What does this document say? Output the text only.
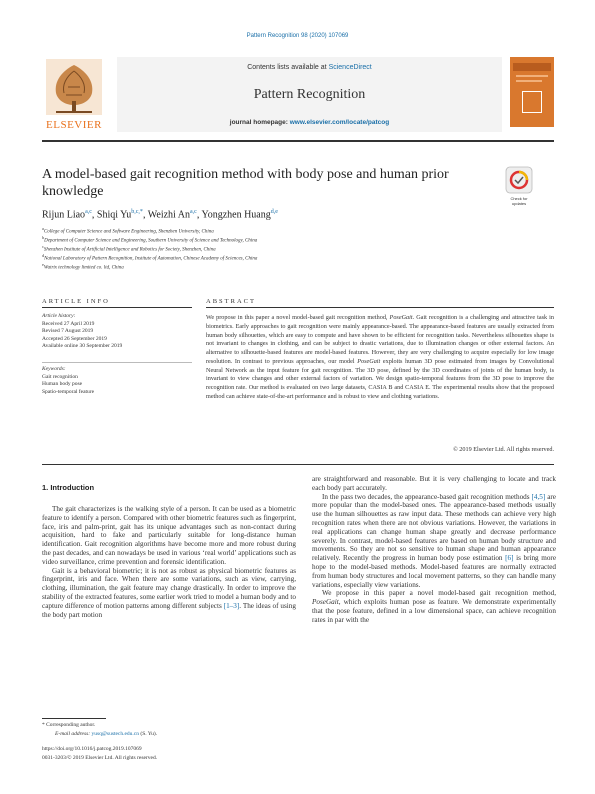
Pattern Recognition 98 (2020) 107069
ELSEVIER
Contents lists available at ScienceDirect
Pattern Recognition
journal homepage: www.elsevier.com/locate/patcog
A model-based gait recognition method with body pose and human prior knowledge	Check for updates
Rijun Liao$^{a,c}$, Shiqi $Yu^{b,c,*}$, Weizhi An$^{a,c}$, Yongzhen Huang$^{d,e}$
$^a$College of Computer Science and Software Engineering, Shenzhen University, China
$^b$Department of Computer Science and Engineering, Southern University of Science and Technology, China
$^c$Shenzhen Institute of Artificial Intelligence and Robotics for Society, Shenzhen, China
$^d$National Laboratory of Pattern Recognition, Institute of Automation, Chinese Academy of Sciences, China
$^e$Watrix technology limited co. ltd, China
ARTICLE INFO	ABSTRACT
Article history:
Received 27 April 2019
Revised 7 August 2019
Accepted 26 September 2019
Available online 30 September 2019
Keywords:
Gait recognition
Human body pose
Spatio-temporal feature
We propose in this paper a novel model-based gait recognition method, PoseGait. Gait recognition is a challenging and attractive task in biometrics. Early approaches to gait recognition were mainly appearance-based. The appearance-based features are usually extracted from human body silhouettes, which are easy to compute and have shown to be efficient for recognition tasks. Nevertheless silhouettes shape is not invariant to changes in clothing, and can be subject to drastic variations, due to illumination changes or other external factors. An alternative to silhouette-based features are model-based features. However, they are very challenging to acquire especially for low image resolution. In contrast to previous approaches, our model PoseGait exploits human 3D pose estimated from images by Convolutional Neural Network as the input feature for gait recognition. The 3D pose, defined by the 3D coordinates of joints of the human body, is invariant to view changes and other external factors of variation. We design spatio-temporal features from the 3D pose to improve the recognition rate. Our method is evaluated on two large datasets, CASIA B and CASIA E. The experimental results show that the proposed method can achieve state-of-the-art performance and is robust to view and clothing variations.
© 2019 Elsevier Ltd. All rights reserved.
1. Introduction

The gait characterizes is the walking style of a person. It can be used as a biometric feature to identify a person. Compared with other biometric features such as fingerprint, face, iris and palm-print, gait has its unique advantages such as non-contact during acquisition, hard to fake and particularly suitable for long-distance human identification. Gait recognition algorithms have become more and more robust during the past decades, and can nowadays be used in various ‘real world’ applications such as video surveillance, crime prevention and forensic identification.

Gait is a behavioral biometric; it is not as robust as physical biometric features as fingerprint, iris and face. When there are some variations, such as view, carrying, clothing, illumination, the gait feature may change drastically. In order to improve the stability of the extracted features, some earlier work tried to model a human body and to capture difference of motion patterns among different subjects [1–3]. The ideas of using the body part motion

are straightforward and reasonable. But it is very challenging to locate and track each body part accurately.

In the pass two decades, the appearance-based gait recognition methods [4,5] are more popular than the model-based ones. The appearance-based methods usually use the human silhouettes as raw input data. These methods can achieve very high recognition rates when there are not obvious variations. However, the variations in real applications can change human shape greatly and decrease performance severely. In contrast, model-based features are based on human body structure and movements. So they are not so sensitive to human shape and human appearance relatively. Recently the progress in human body pose estimation [6] is bring more hope to the model-based methods. Model-based features are normally extracted from human body structures and local movement patterns, so they can handle many variations, especially view variations.

We propose in this paper a novel model-based gait recognition method, PoseGait, which exploits human pose as feature. We demonstrate experimentally that the pose feature, defined in a low dimensional space, can achieve recognition rates in par with the

* Corresponding author.
E-mail address: yusq@sustech.edu.cn (S. Yu).
https://doi.org/10.1016/j.patcog.2019.107069
0031-3203/© 2019 Elsevier Ltd. All rights reserved.
